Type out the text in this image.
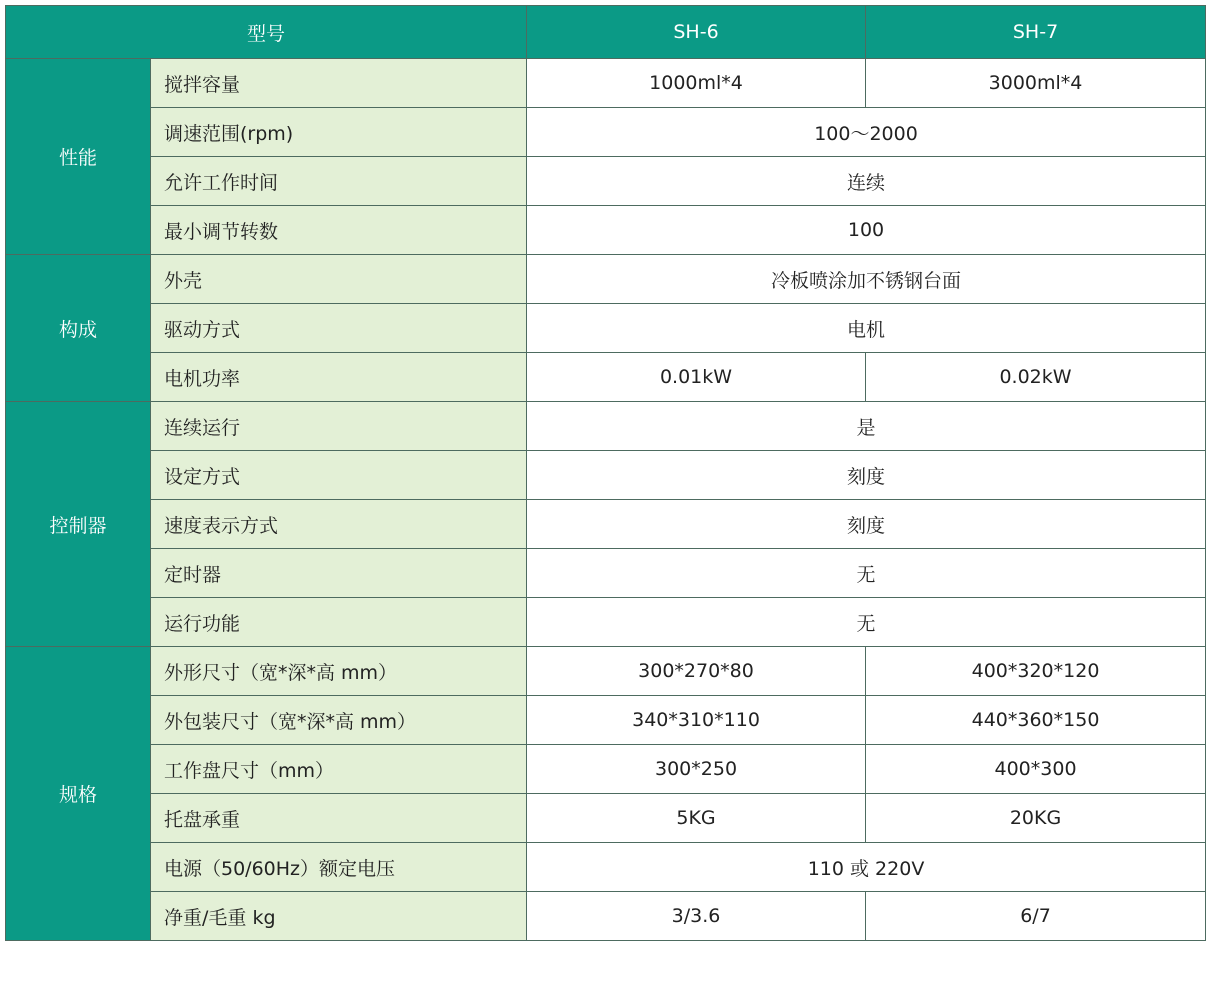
型号		SH-6	SH-7
性能	搅拌容量	1000ml*4	3000ml*4
	调速范围(rpm)	100～2000	
	允许工作时间	连续	
	最小调节转数	100	
构成	外壳	冷板喷涂加不锈钢台面	
	驱动方式	电机	
	电机功率	0.01kW	0.02kW
控制器	连续运行	是	
	设定方式	刻度	
	速度表示方式	刻度	
	定时器	无	
	运行功能	无	
规格	外形尺寸（宽*深*高 mm）	300*270*80	400*320*120
	外包装尺寸（宽*深*高 mm）	340*310*110	440*360*150
	工作盘尺寸（mm）	300*250	400*300
	托盘承重	5KG	20KG
	电源（50/60Hz）额定电压	110 或 220V	
	净重/毛重 kg	3/3.6	6/7
